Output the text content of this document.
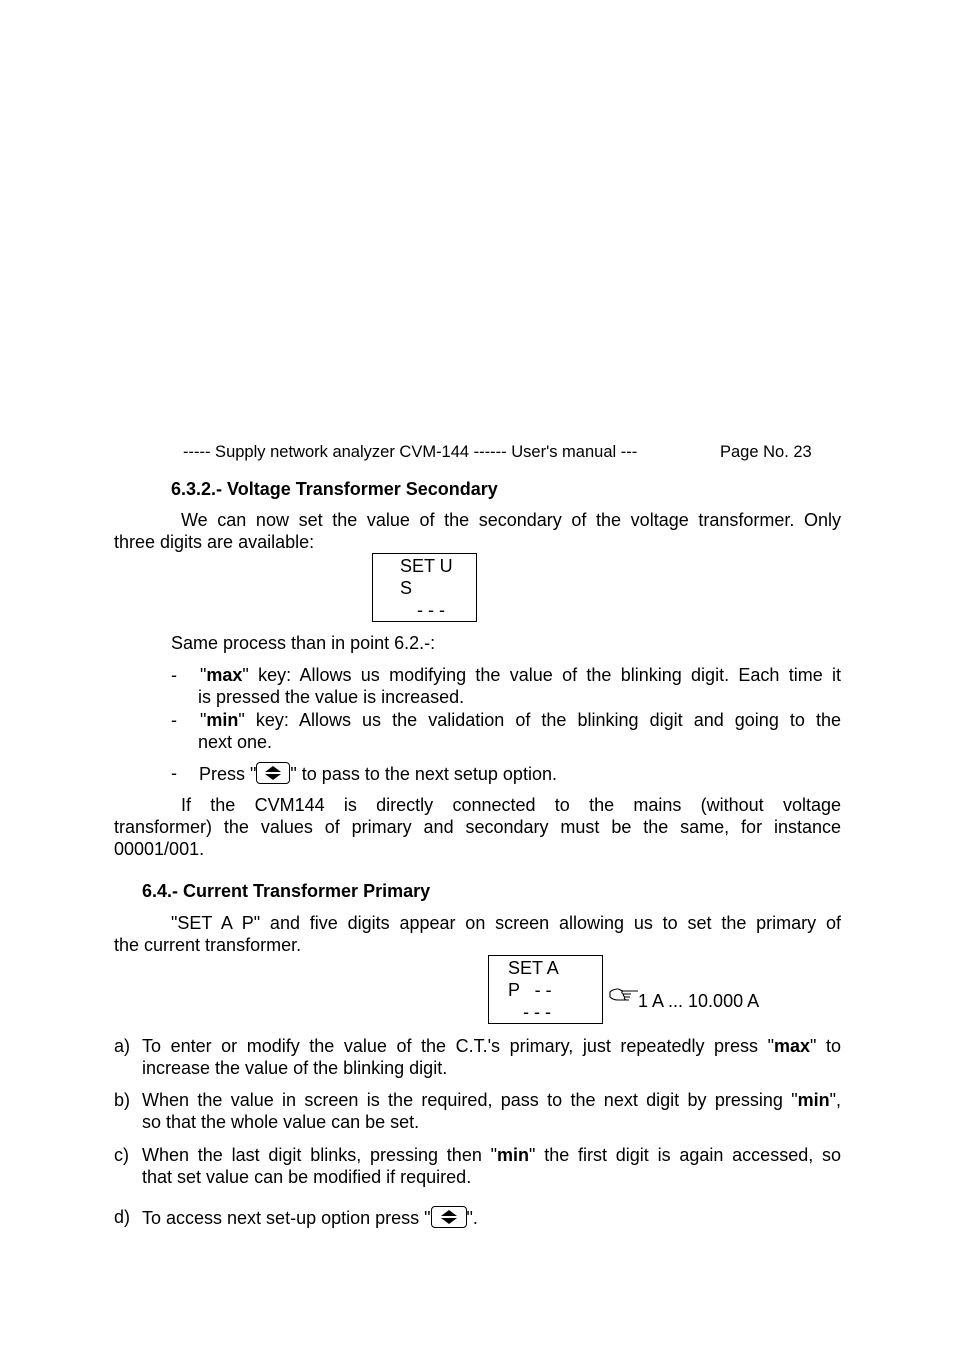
----- Supply network analyzer CVM-144 ------ User's manual ---	Page No. 23
6.3.2.- Voltage Transformer Secondary
We can now set the value of the secondary of the voltage transformer. Only
three digits are available:
SET U
S
- - -
Same process than in point 6.2.-:
- "max" key: Allows us modifying the value of the blinking digit. Each time it
is pressed the value is increased.
- "min" key: Allows us the validation of the blinking digit and going to the
next one.
- Press " " to pass to the next setup option.
If the CVM144 is directly connected to the mains (without voltage
transformer) the values of primary and secondary must be the same, for instance
00001/001.
6.4.- Current Transformer Primary
"SET A P" and five digits appear on screen allowing us to set the primary of
the current transformer.
SET A
P   - -
- - -
1 A ... 10.000 A
a) To enter or modify the value of the C.T.'s primary, just repeatedly press "max" to
increase the value of the blinking digit.
b) When the value in screen is the required, pass to the next digit by pressing "min",
so that the whole value can be set.
c) When the last digit blinks, pressing then "min" the first digit is again accessed, so
that set value can be modified if required.
d) To access next set-up option press " ".
